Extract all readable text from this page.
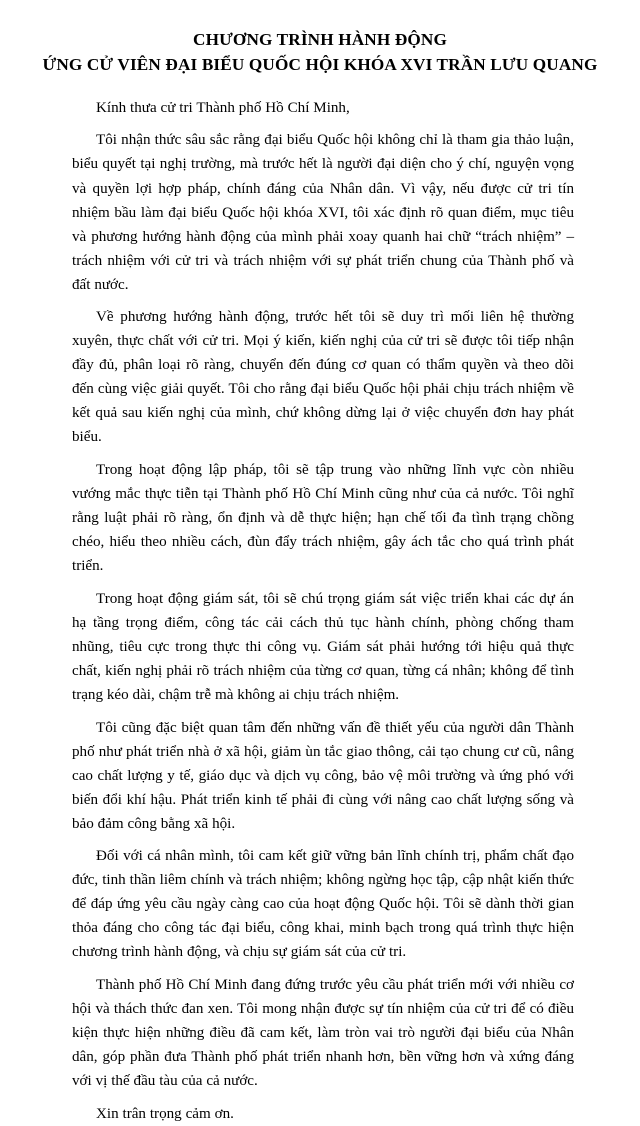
CHƯƠNG TRÌNH HÀNH ĐỘNG
ỨNG CỬ VIÊN ĐẠI BIỂU QUỐC HỘI KHÓA XVI TRẦN LƯU QUANG

Kính thưa cử tri Thành phố Hồ Chí Minh,

Tôi nhận thức sâu sắc rằng đại biểu Quốc hội không chỉ là tham gia thảo luận, biểu quyết tại nghị trường, mà trước hết là người đại diện cho ý chí, nguyện vọng và quyền lợi hợp pháp, chính đáng của Nhân dân. Vì vậy, nếu được cử tri tín nhiệm bầu làm đại biểu Quốc hội khóa XVI, tôi xác định rõ quan điểm, mục tiêu và phương hướng hành động của mình phải xoay quanh hai chữ “trách nhiệm” – trách nhiệm với cử tri và trách nhiệm với sự phát triển chung của Thành phố và đất nước.

Về phương hướng hành động, trước hết tôi sẽ duy trì mối liên hệ thường xuyên, thực chất với cử tri. Mọi ý kiến, kiến nghị của cử tri sẽ được tôi tiếp nhận đầy đủ, phân loại rõ ràng, chuyển đến đúng cơ quan có thẩm quyền và theo dõi đến cùng việc giải quyết. Tôi cho rằng đại biểu Quốc hội phải chịu trách nhiệm về kết quả sau kiến nghị của mình, chứ không dừng lại ở việc chuyển đơn hay phát biểu.

Trong hoạt động lập pháp, tôi sẽ tập trung vào những lĩnh vực còn nhiều vướng mắc thực tiễn tại Thành phố Hồ Chí Minh cũng như của cả nước. Tôi nghĩ rằng luật phải rõ ràng, ổn định và dễ thực hiện; hạn chế tối đa tình trạng chồng chéo, hiểu theo nhiều cách, đùn đẩy trách nhiệm, gây ách tắc cho quá trình phát triển.

Trong hoạt động giám sát, tôi sẽ chú trọng giám sát việc triển khai các dự án hạ tầng trọng điểm, công tác cải cách thủ tục hành chính, phòng chống tham nhũng, tiêu cực trong thực thi công vụ. Giám sát phải hướng tới hiệu quả thực chất, kiến nghị phải rõ trách nhiệm của từng cơ quan, từng cá nhân; không để tình trạng kéo dài, chậm trễ mà không ai chịu trách nhiệm.

Tôi cũng đặc biệt quan tâm đến những vấn đề thiết yếu của người dân Thành phố như phát triển nhà ở xã hội, giảm ùn tắc giao thông, cải tạo chung cư cũ, nâng cao chất lượng y tế, giáo dục và dịch vụ công, bảo vệ môi trường và ứng phó với biến đổi khí hậu. Phát triển kinh tế phải đi cùng với nâng cao chất lượng sống và bảo đảm công bằng xã hội.

Đối với cá nhân mình, tôi cam kết giữ vững bản lĩnh chính trị, phẩm chất đạo đức, tinh thần liêm chính và trách nhiệm; không ngừng học tập, cập nhật kiến thức để đáp ứng yêu cầu ngày càng cao của hoạt động Quốc hội. Tôi sẽ dành thời gian thỏa đáng cho công tác đại biểu, công khai, minh bạch trong quá trình thực hiện chương trình hành động, và chịu sự giám sát của cử tri.

Thành phố Hồ Chí Minh đang đứng trước yêu cầu phát triển mới với nhiều cơ hội và thách thức đan xen. Tôi mong nhận được sự tín nhiệm của cử tri để có điều kiện thực hiện những điều đã cam kết, làm tròn vai trò người đại biểu của Nhân dân, góp phần đưa Thành phố phát triển nhanh hơn, bền vững hơn và xứng đáng với vị thế đầu tàu của cả nước.

Xin trân trọng cảm ơn.
